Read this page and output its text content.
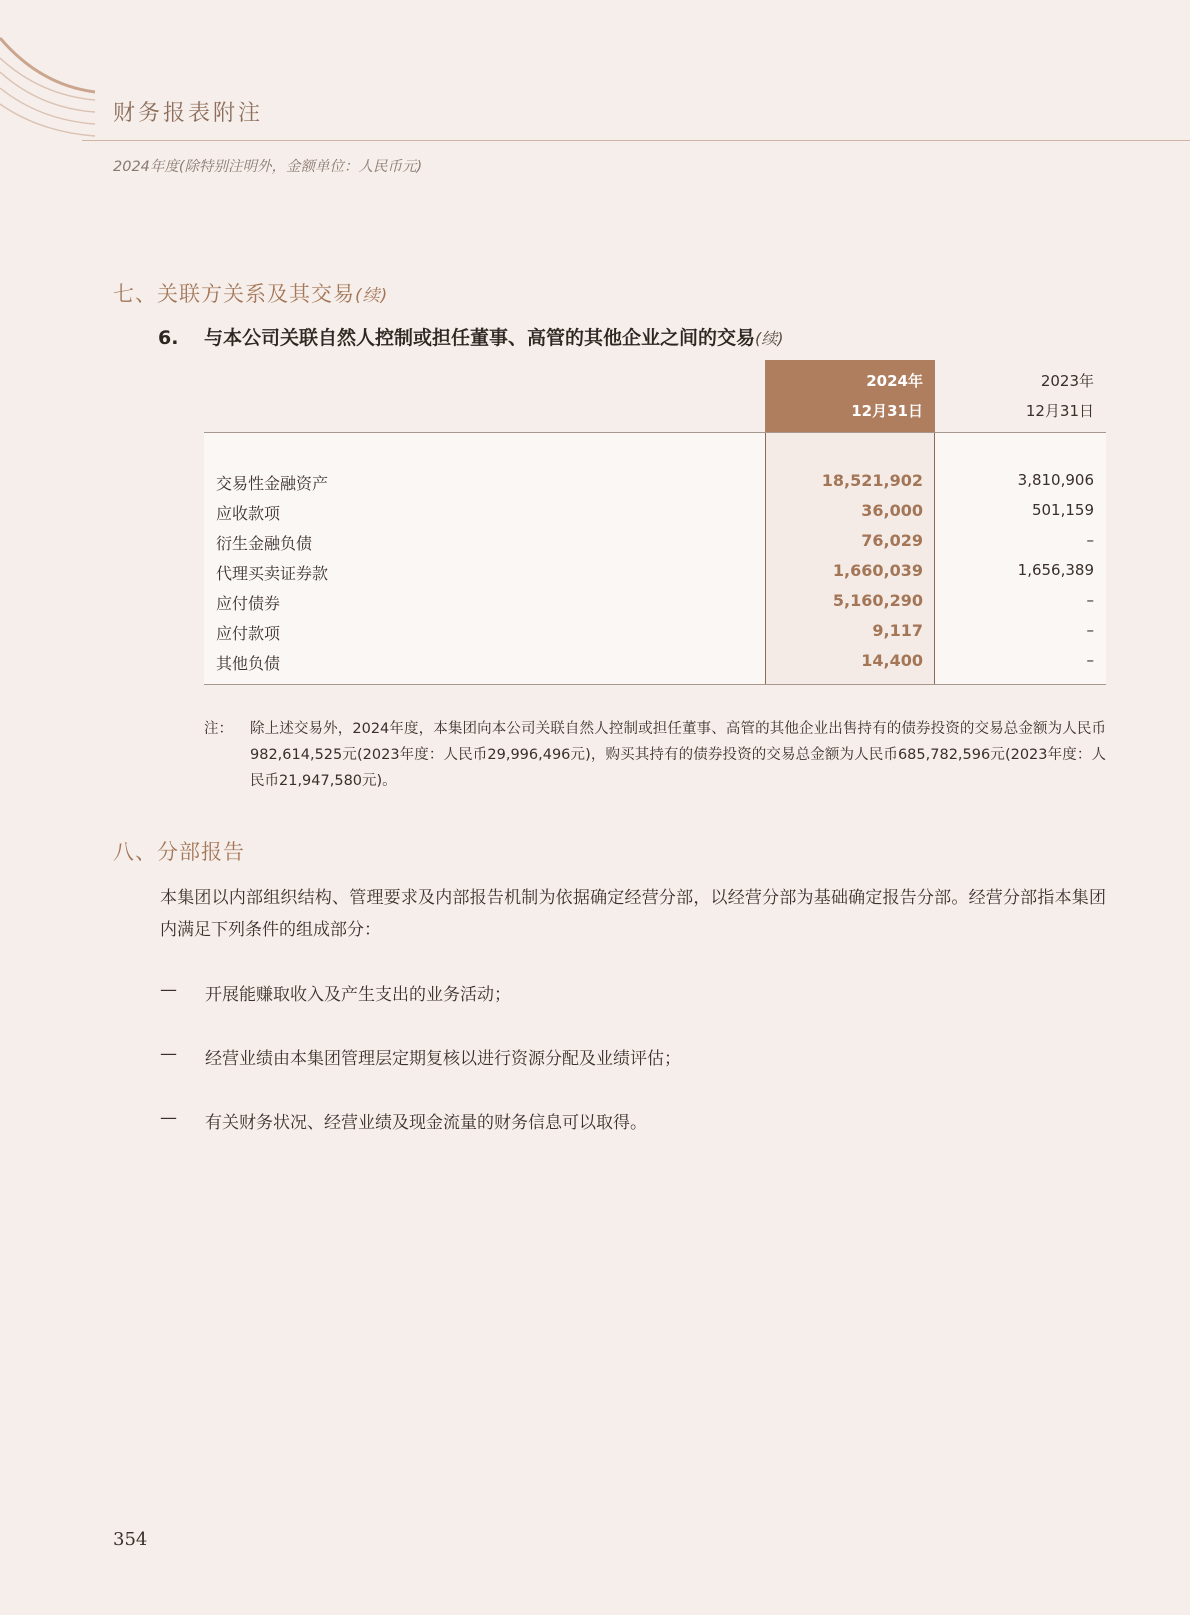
财务报表附注
2024年度(除特别注明外，金额单位：人民币元)
七、关联方关系及其交易(续)
6. 与本公司关联自然人控制或担任董事、高管的其他企业之间的交易(续)
2024年
12月31日
2023年
12月31日
交易性金融资产	18,521,902	3,810,906
应收款项	36,000	501,159
衍生金融负债	76,029	–
代理买卖证券款	1,660,039	1,656,389
应付债券	5,160,290	–
应付款项	9,117	–
其他负债	14,400	–
注： 除上述交易外，2024年度，本集团向本公司关联自然人控制或担任董事、高管的其他企业出售持有的债券投资的交易总金额为人民币982,614,525元(2023年度：人民币29,996,496元)，购买其持有的债券投资的交易总金额为人民币685,782,596元(2023年度：人民币21,947,580元)。
八、分部报告
本集团以内部组织结构、管理要求及内部报告机制为依据确定经营分部，以经营分部为基础确定报告分部。经营分部指本集团内满足下列条件的组成部分：
— 开展能赚取收入及产生支出的业务活动；
— 经营业绩由本集团管理层定期复核以进行资源分配及业绩评估；
— 有关财务状况、经营业绩及现金流量的财务信息可以取得。
354
